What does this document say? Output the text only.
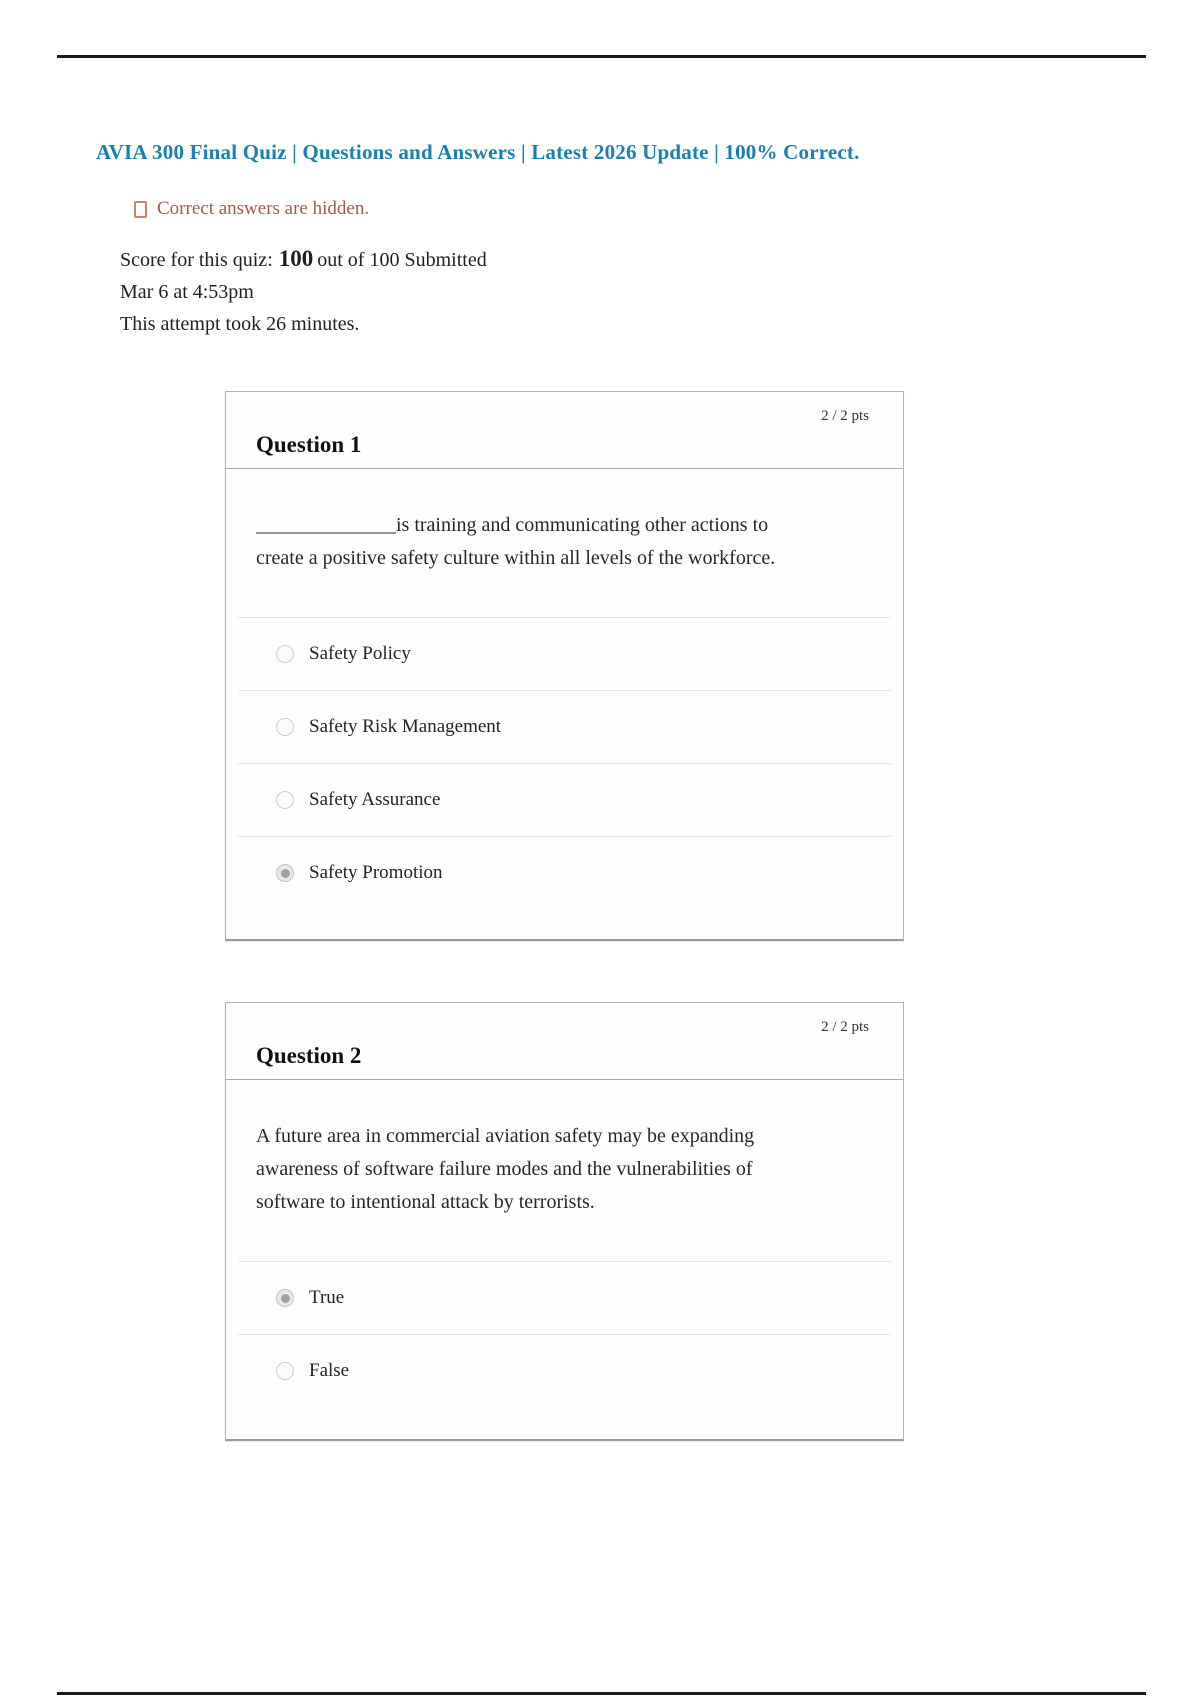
AVIA 300 Final Quiz | Questions and Answers | Latest 2026 Update | 100% Correct.
Correct answers are hidden.
Score for this quiz: 100 out of 100 Submitted
Mar 6 at 4:53pm
This attempt took 26 minutes.
Question 1
2 / 2 pts
______________is training and communicating other actions to
create a positive safety culture within all levels of the workforce.
Safety Policy
Safety Risk Management
Safety Assurance
Safety Promotion
Question 2
2 / 2 pts
A future area in commercial aviation safety may be expanding
awareness of software failure modes and the vulnerabilities of
software to intentional attack by terrorists.
True
False
